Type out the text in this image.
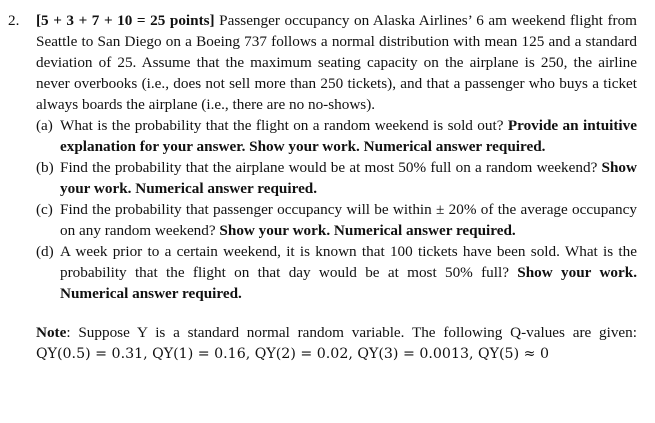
2. [5 + 3 + 7 + 10 = 25 points] Passenger occupancy on Alaska Airlines’ 6 am weekend flight from Seattle to San Diego on a Boeing 737 follows a normal distribution with mean 125 and a standard deviation of 25. Assume that the maximum seating capacity on the airplane is 250, the airline never overbooks (i.e., does not sell more than 250 tickets), and that a passenger who buys a ticket always boards the airplane (i.e., there are no no-shows).

(a) What is the probability that the flight on a random weekend is sold out? Provide an intuitive explanation for your answer. Show your work. Numerical answer required.
(b) Find the probability that the airplane would be at most 50% full on a random weekend? Show your work. Numerical answer required.
(c) Find the probability that passenger occupancy will be within ± 20% of the average occupancy on any random weekend? Show your work. Numerical answer required.
(d) A week prior to a certain weekend, it is known that 100 tickets have been sold. What is the probability that the flight on that day would be at most 50% full? Show your work. Numerical answer required.
Note: Suppose Y is a standard normal random variable. The following Q-values are given: QY(0.5) = 0.31, QY(1) = 0.16, QY(2) = 0.02, QY(3) = 0.0013, QY(5) ≈ 0
